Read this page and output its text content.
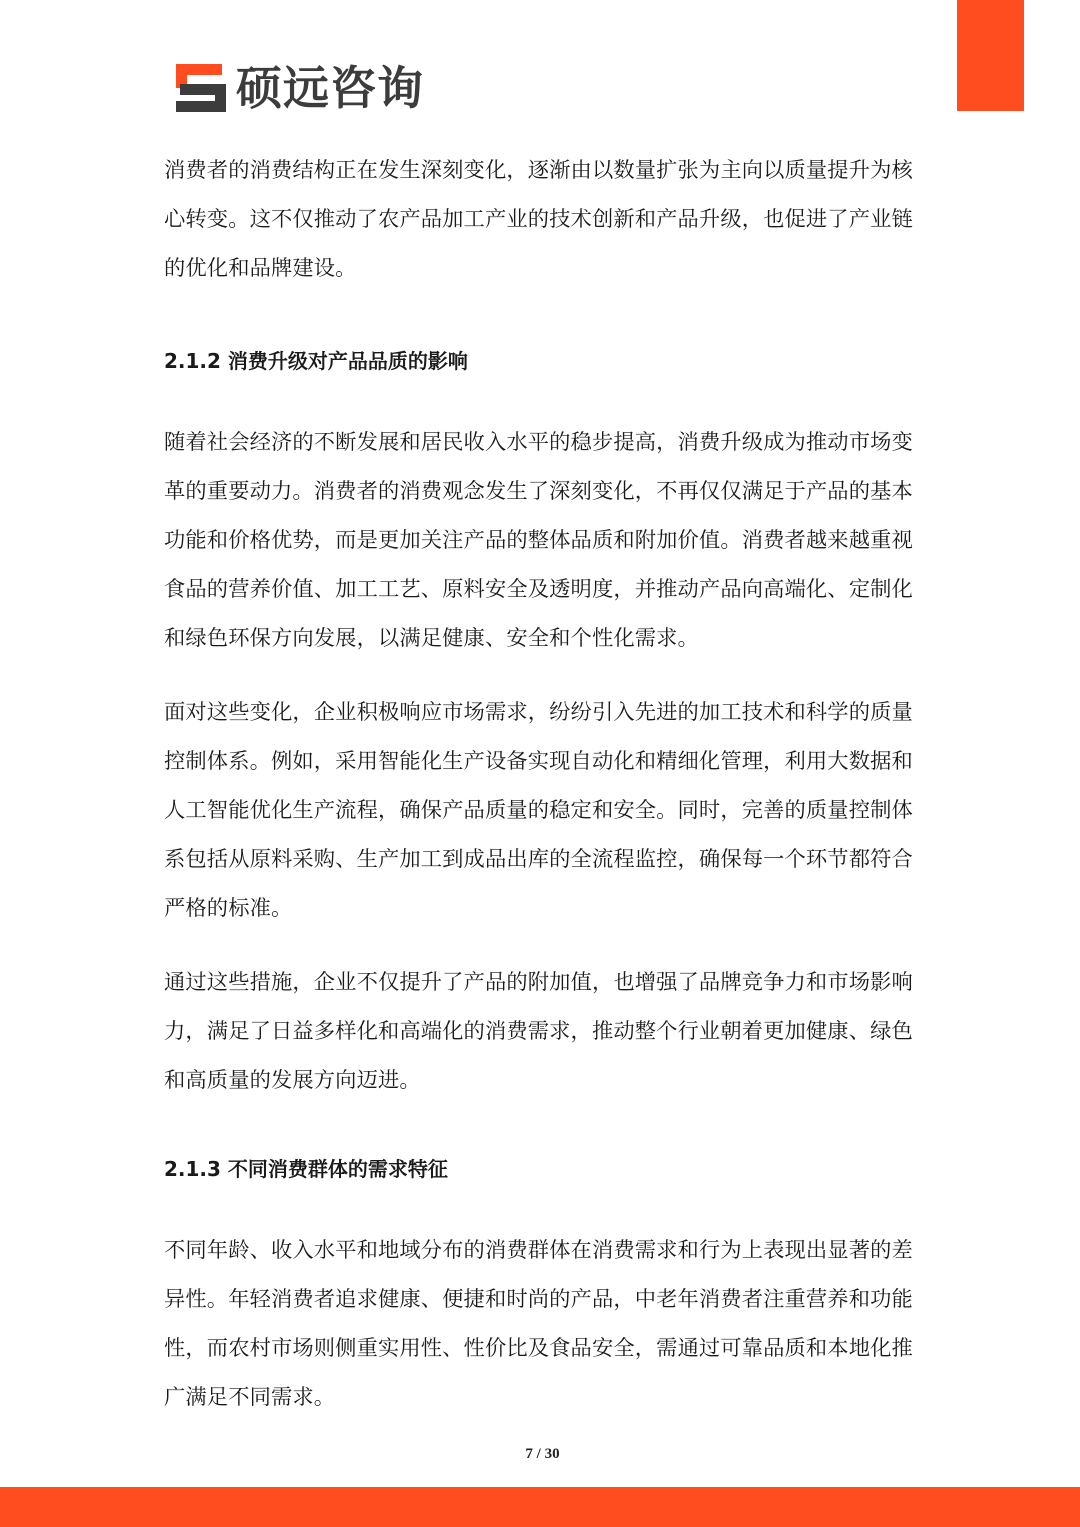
硕远咨询

消费者的消费结构正在发生深刻变化，逐渐由以数量扩张为主向以质量提升为核心转变。这不仅推动了农产品加工产业的技术创新和产品升级，也促进了产业链的优化和品牌建设。

2.1.2 消费升级对产品品质的影响

随着社会经济的不断发展和居民收入水平的稳步提高，消费升级成为推动市场变革的重要动力。消费者的消费观念发生了深刻变化，不再仅仅满足于产品的基本功能和价格优势，而是更加关注产品的整体品质和附加价值。消费者越来越重视食品的营养价值、加工工艺、原料安全及透明度，并推动产品向高端化、定制化和绿色环保方向发展，以满足健康、安全和个性化需求。

面对这些变化，企业积极响应市场需求，纷纷引入先进的加工技术和科学的质量控制体系。例如，采用智能化生产设备实现自动化和精细化管理，利用大数据和人工智能优化生产流程，确保产品质量的稳定和安全。同时，完善的质量控制体系包括从原料采购、生产加工到成品出库的全流程监控，确保每一个环节都符合严格的标准。

通过这些措施，企业不仅提升了产品的附加值，也增强了品牌竞争力和市场影响力，满足了日益多样化和高端化的消费需求，推动整个行业朝着更加健康、绿色和高质量的发展方向迈进。

2.1.3 不同消费群体的需求特征

不同年龄、收入水平和地域分布的消费群体在消费需求和行为上表现出显著的差异性。年轻消费者追求健康、便捷和时尚的产品，中老年消费者注重营养和功能性，而农村市场则侧重实用性、性价比及食品安全，需通过可靠品质和本地化推广满足不同需求。

7 / 30
